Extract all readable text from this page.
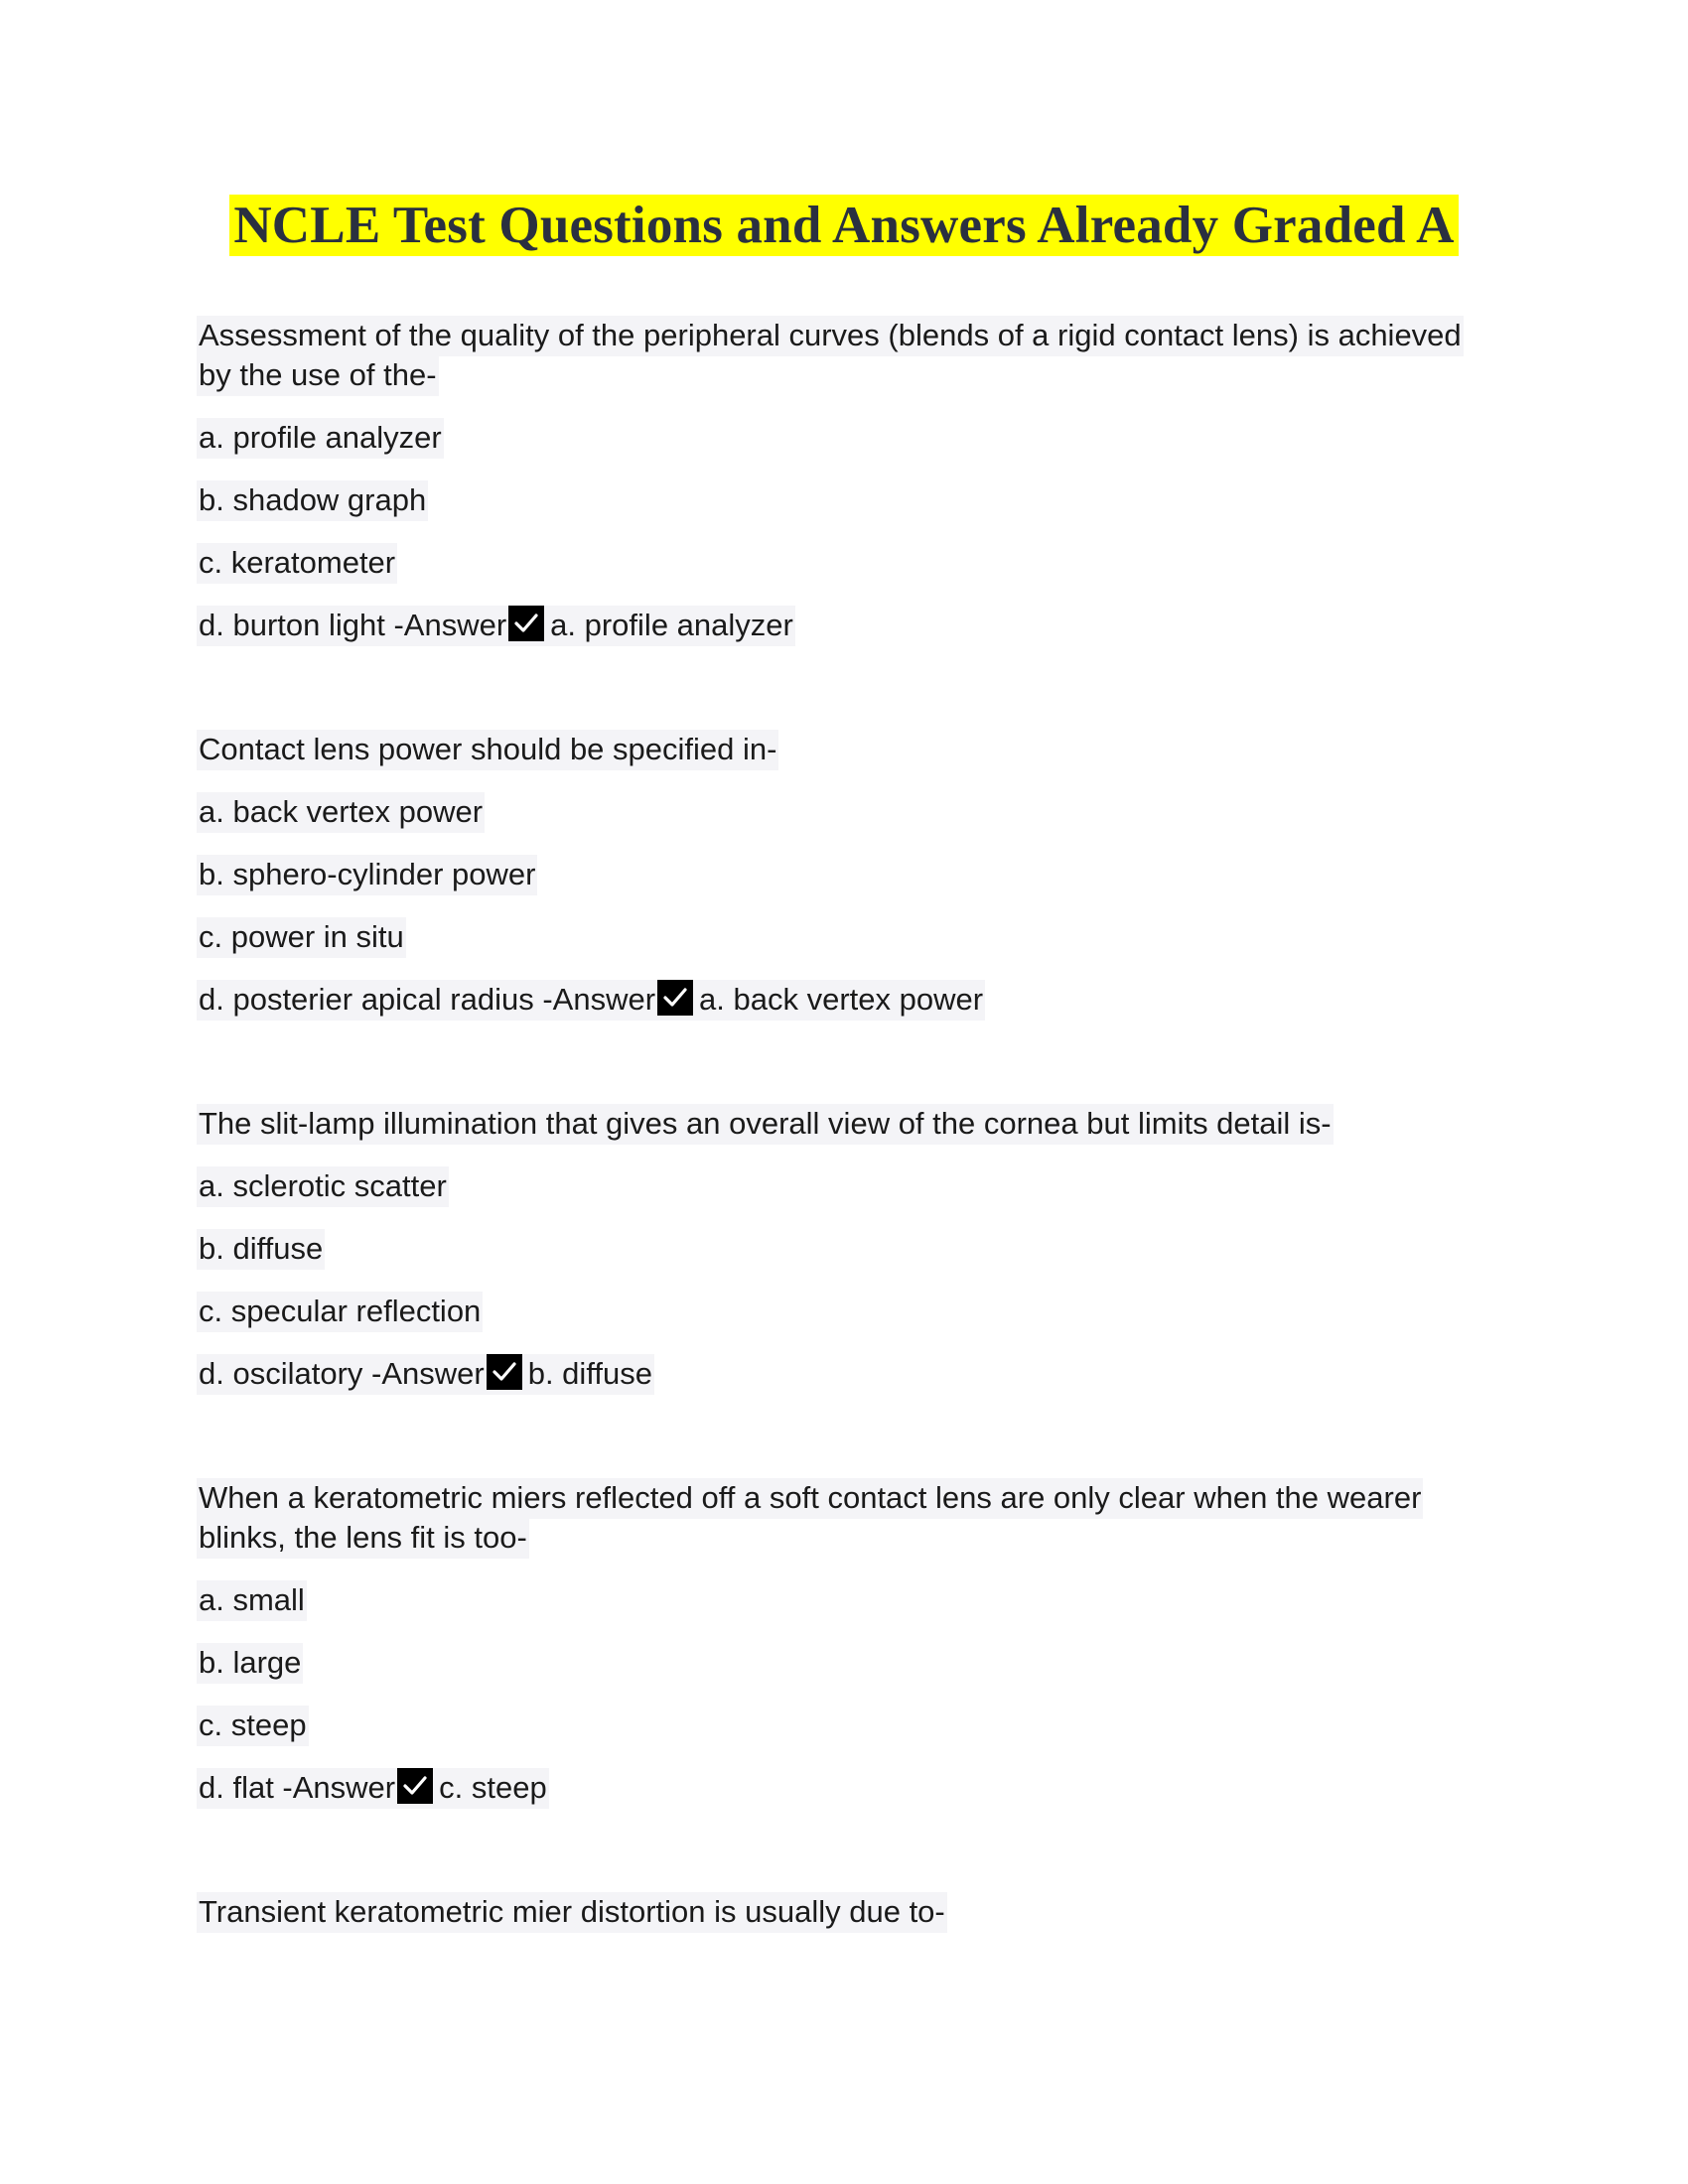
NCLE Test Questions and Answers Already Graded A
Assessment of the quality of the peripheral curves (blends of a rigid contact lens) is achieved by the use of the-
a. profile analyzer
b. shadow graph
c. keratometer
d. burton light -Answer a. profile analyzer
Contact lens power should be specified in-
a. back vertex power
b. sphero-cylinder power
c. power in situ
d. posterier apical radius -Answer a. back vertex power
The slit-lamp illumination that gives an overall view of the cornea but limits detail is-
a. sclerotic scatter
b. diffuse
c. specular reflection
d. oscilatory -Answer b. diffuse
When a keratometric miers reflected off a soft contact lens are only clear when the wearer blinks, the lens fit is too-
a. small
b. large
c. steep
d. flat -Answer c. steep
Transient keratometric mier distortion is usually due to-
